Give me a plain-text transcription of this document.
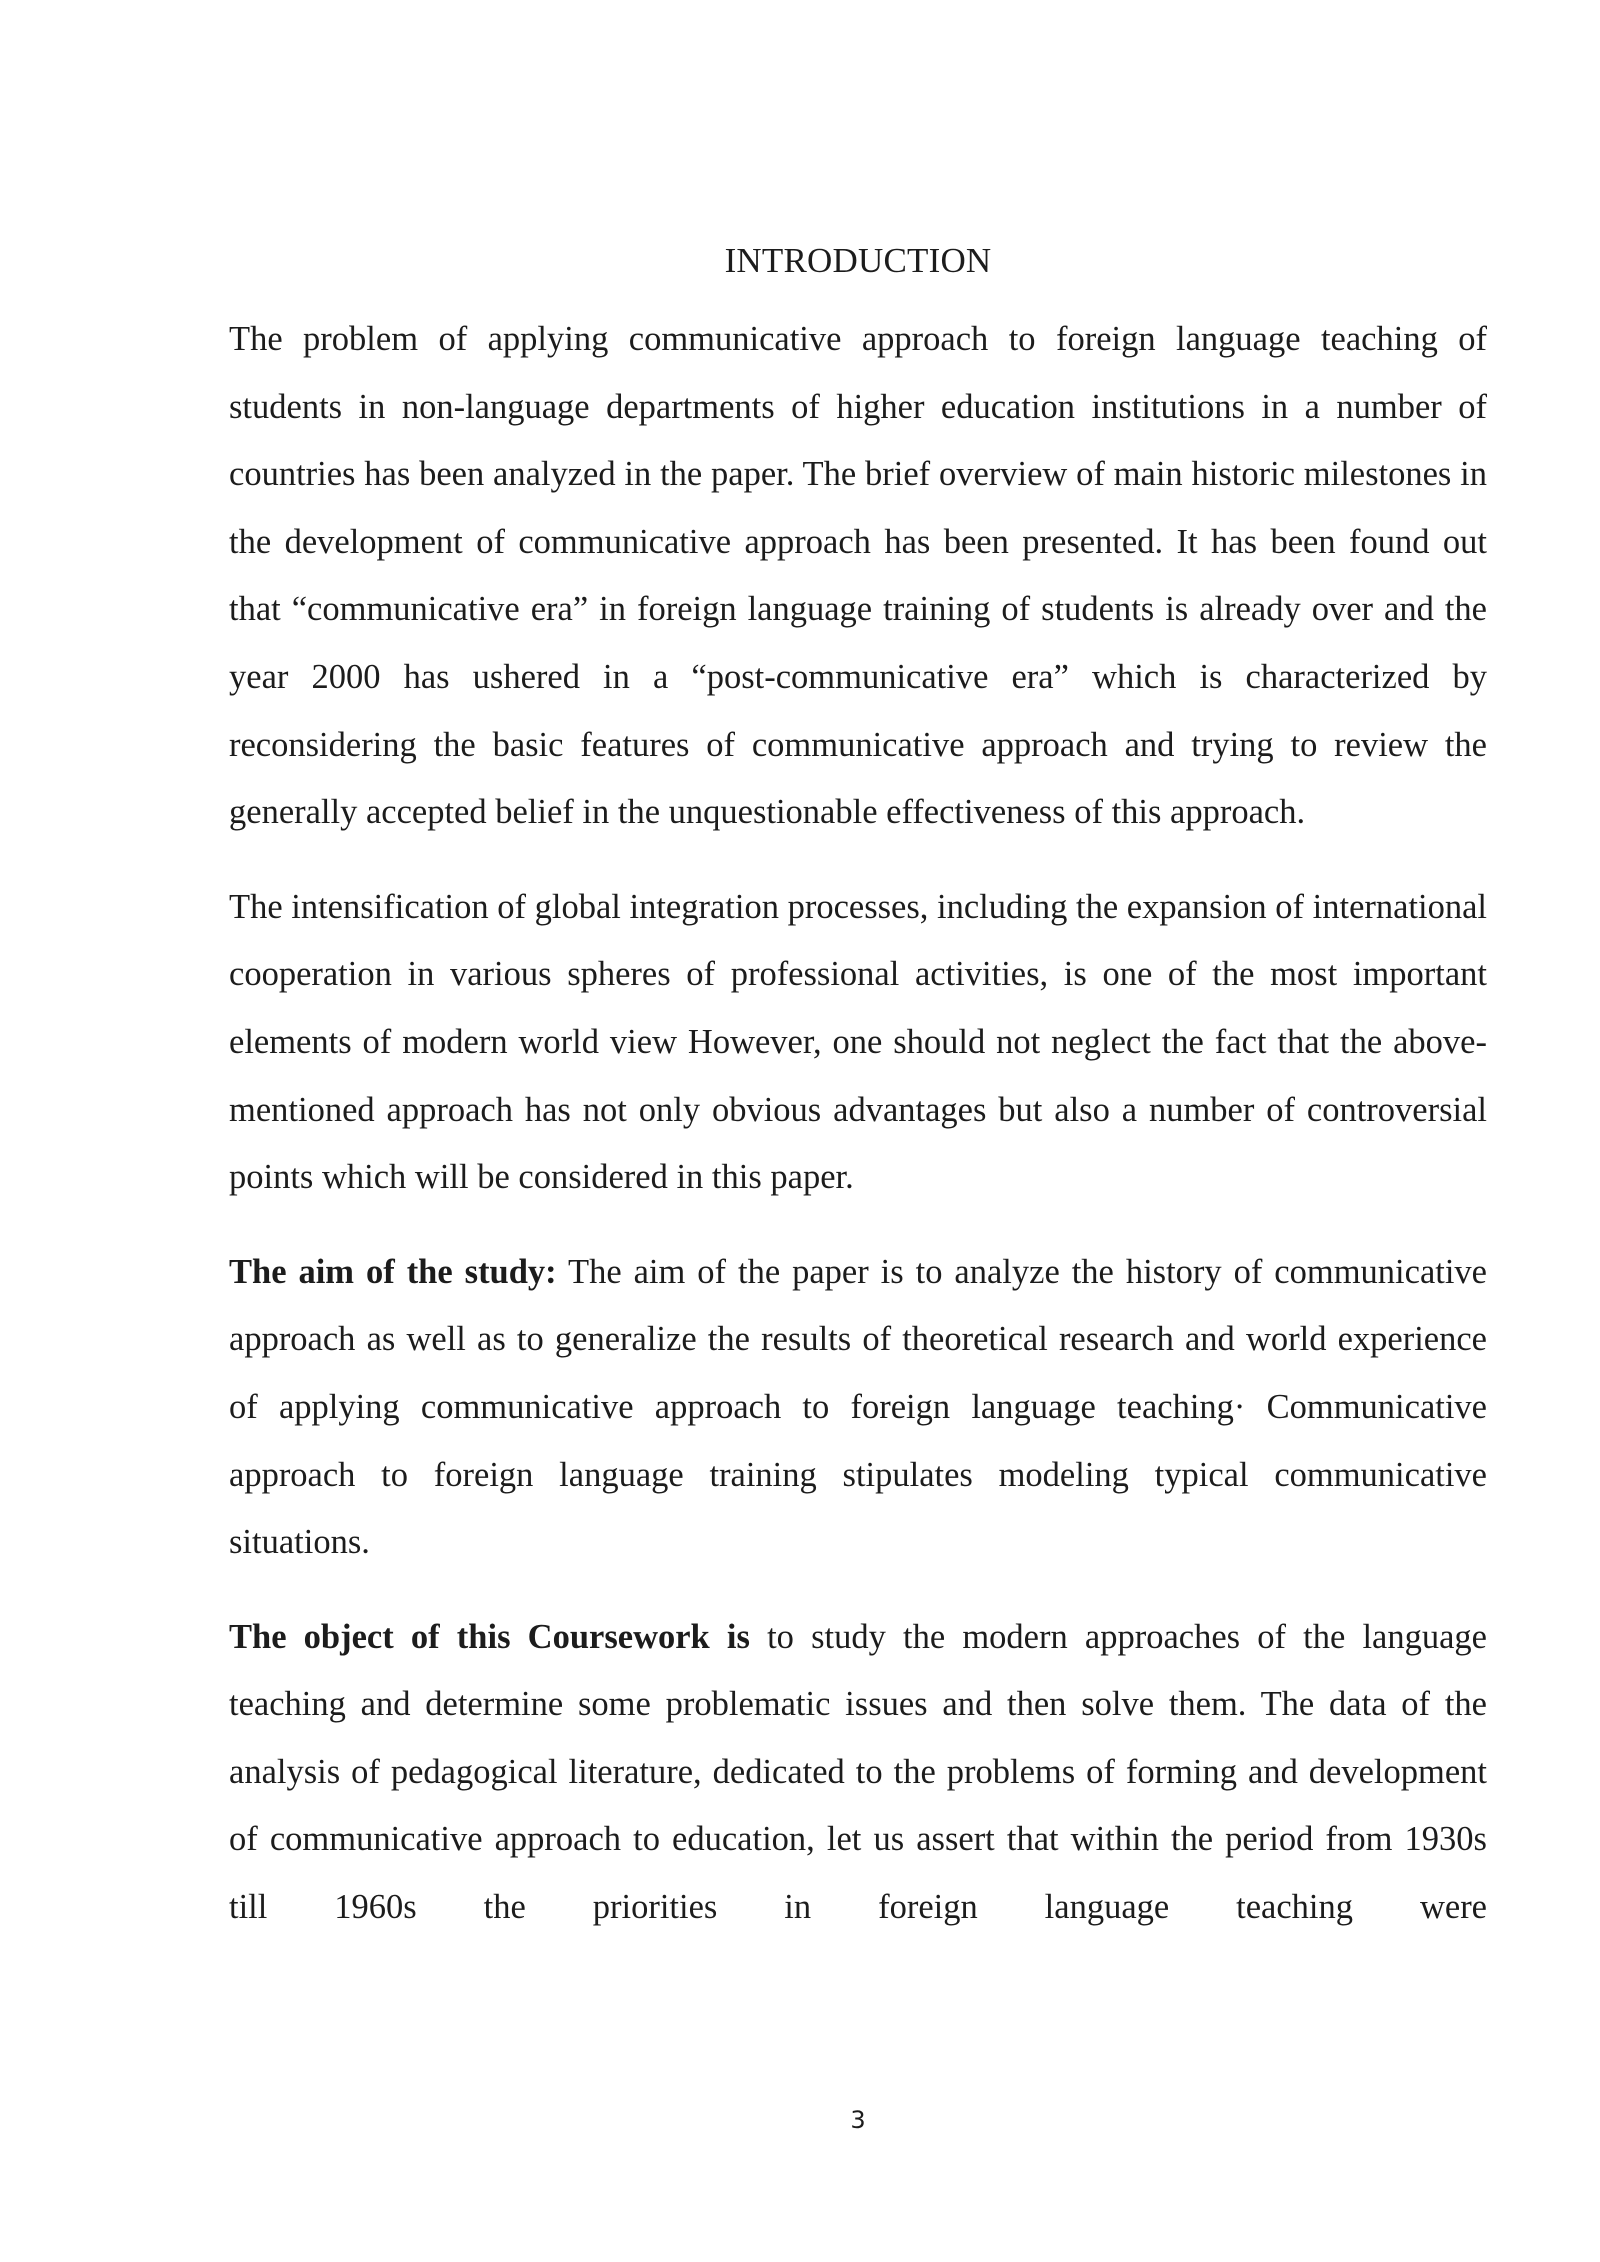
INTRODUCTION

The problem of applying communicative approach to foreign language teaching of students in non-language departments of higher education institutions in a number of countries has been analyzed in the paper. The brief overview of main historic milestones in the development of communicative approach has been presented. It has been found out that “communicative era” in foreign language training of students is already over and the year 2000 has ushered in a “post-communicative era” which is characterized by reconsidering the basic features of communicative approach and trying to review the generally accepted belief in the unquestionable effectiveness of this approach.

The intensification of global integration processes, including the expansion of international cooperation in various spheres of professional activities, is one of the most important elements of modern world view However, one should not neglect the fact that the above-mentioned approach has not only obvious advantages but also a number of controversial points which will be considered in this paper.

The aim of the study: The aim of the paper is to analyze the history of communicative approach as well as to generalize the results of theoretical research and world experience of applying communicative approach to foreign language teaching· Communicative approach to foreign language training stipulates modeling typical communicative situations.

The object of this Coursework is to study the modern approaches of the language teaching and determine some problematic issues and then solve them. The data of the analysis of pedagogical literature, dedicated to the problems of forming and development of communicative approach to education, let us assert that within the period from 1930s till 1960s the priorities in foreign language teaching were

3
